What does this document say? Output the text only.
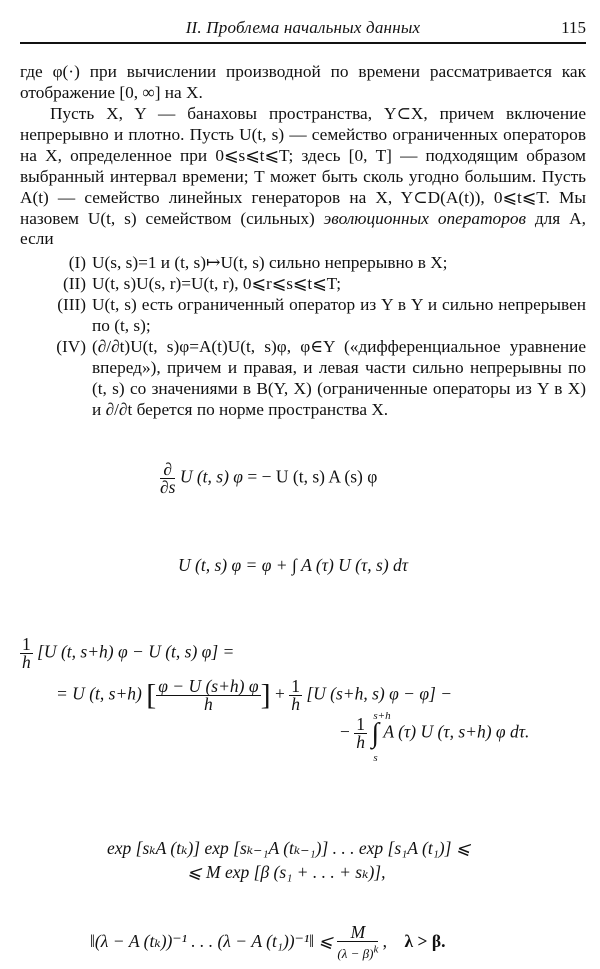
II. Проблема начальных данных	115

где φ(·) при вычислении производной по времени рассматривается как отображение [0, ∞] на X.

Пусть X, Y — банаховы пространства, Y⊂X, причем включение непрерывно и плотно. Пусть U(t, s) — семейство ограниченных операторов на X, определенное при 0⩽s⩽t⩽T; здесь [0, T] — подходящим образом выбранный интервал времени; T может быть сколь угодно большим. Пусть A(t) — семейство линейных генераторов на X, Y⊂D(A(t)), 0⩽t⩽T. Мы назовем U(t, s) семейством (сильных) эволюционных операторов для A, если

(I) U(s, s)=1 и (t, s)↦U(t, s) сильно непрерывно в X;
(II) U(t, s)U(s, r)=U(t, r), 0⩽r⩽s⩽t⩽T;
(III) U(t, s) есть ограниченный оператор из Y в Y и сильно непрерывен по (t, s);
(IV) (∂/∂t)U(t, s)φ=A(t)U(t, s)φ, φ∈Y («дифференциальное уравнение вперед»), причем и правая, и левая части сильно непрерывны по (t, s) со значениями в B(Y, X) (ограниченные операторы из Y в X) и ∂/∂t берется по норме пространства X.

$\frac{\partial}{\partial s}$ U (t, s) φ = − U (t, s) A (s) φ

U (t, s) φ = φ + ∫ A (τ) U (τ, s) dτ

$\frac{1}{h} [U$ (t, s+h) φ − U (t, s) φ] =
= U (t, s+h) [ $\frac{\varphi - U (s+h) \varphi}{h}$ ] + $\frac{1}{h} [U$ (s+h, s) φ − φ] −
− $\frac{1}{h}$ ∫
s+h
s
A (τ) U (τ, s+h) φ dτ.

exp [sₖA (tₖ)] exp [sₖ₋₁A (tₖ₋₁)] . . . exp [s₁A (t₁)] ⩽
⩽ M exp [β (s₁ + . . . + sₖ)],

‖(λ − A (tₖ))⁻¹ . . . (λ − A (t₁))⁻¹‖ ⩽ $\frac{M}{(\lambda - \beta)^k}$ ,    λ > β.
